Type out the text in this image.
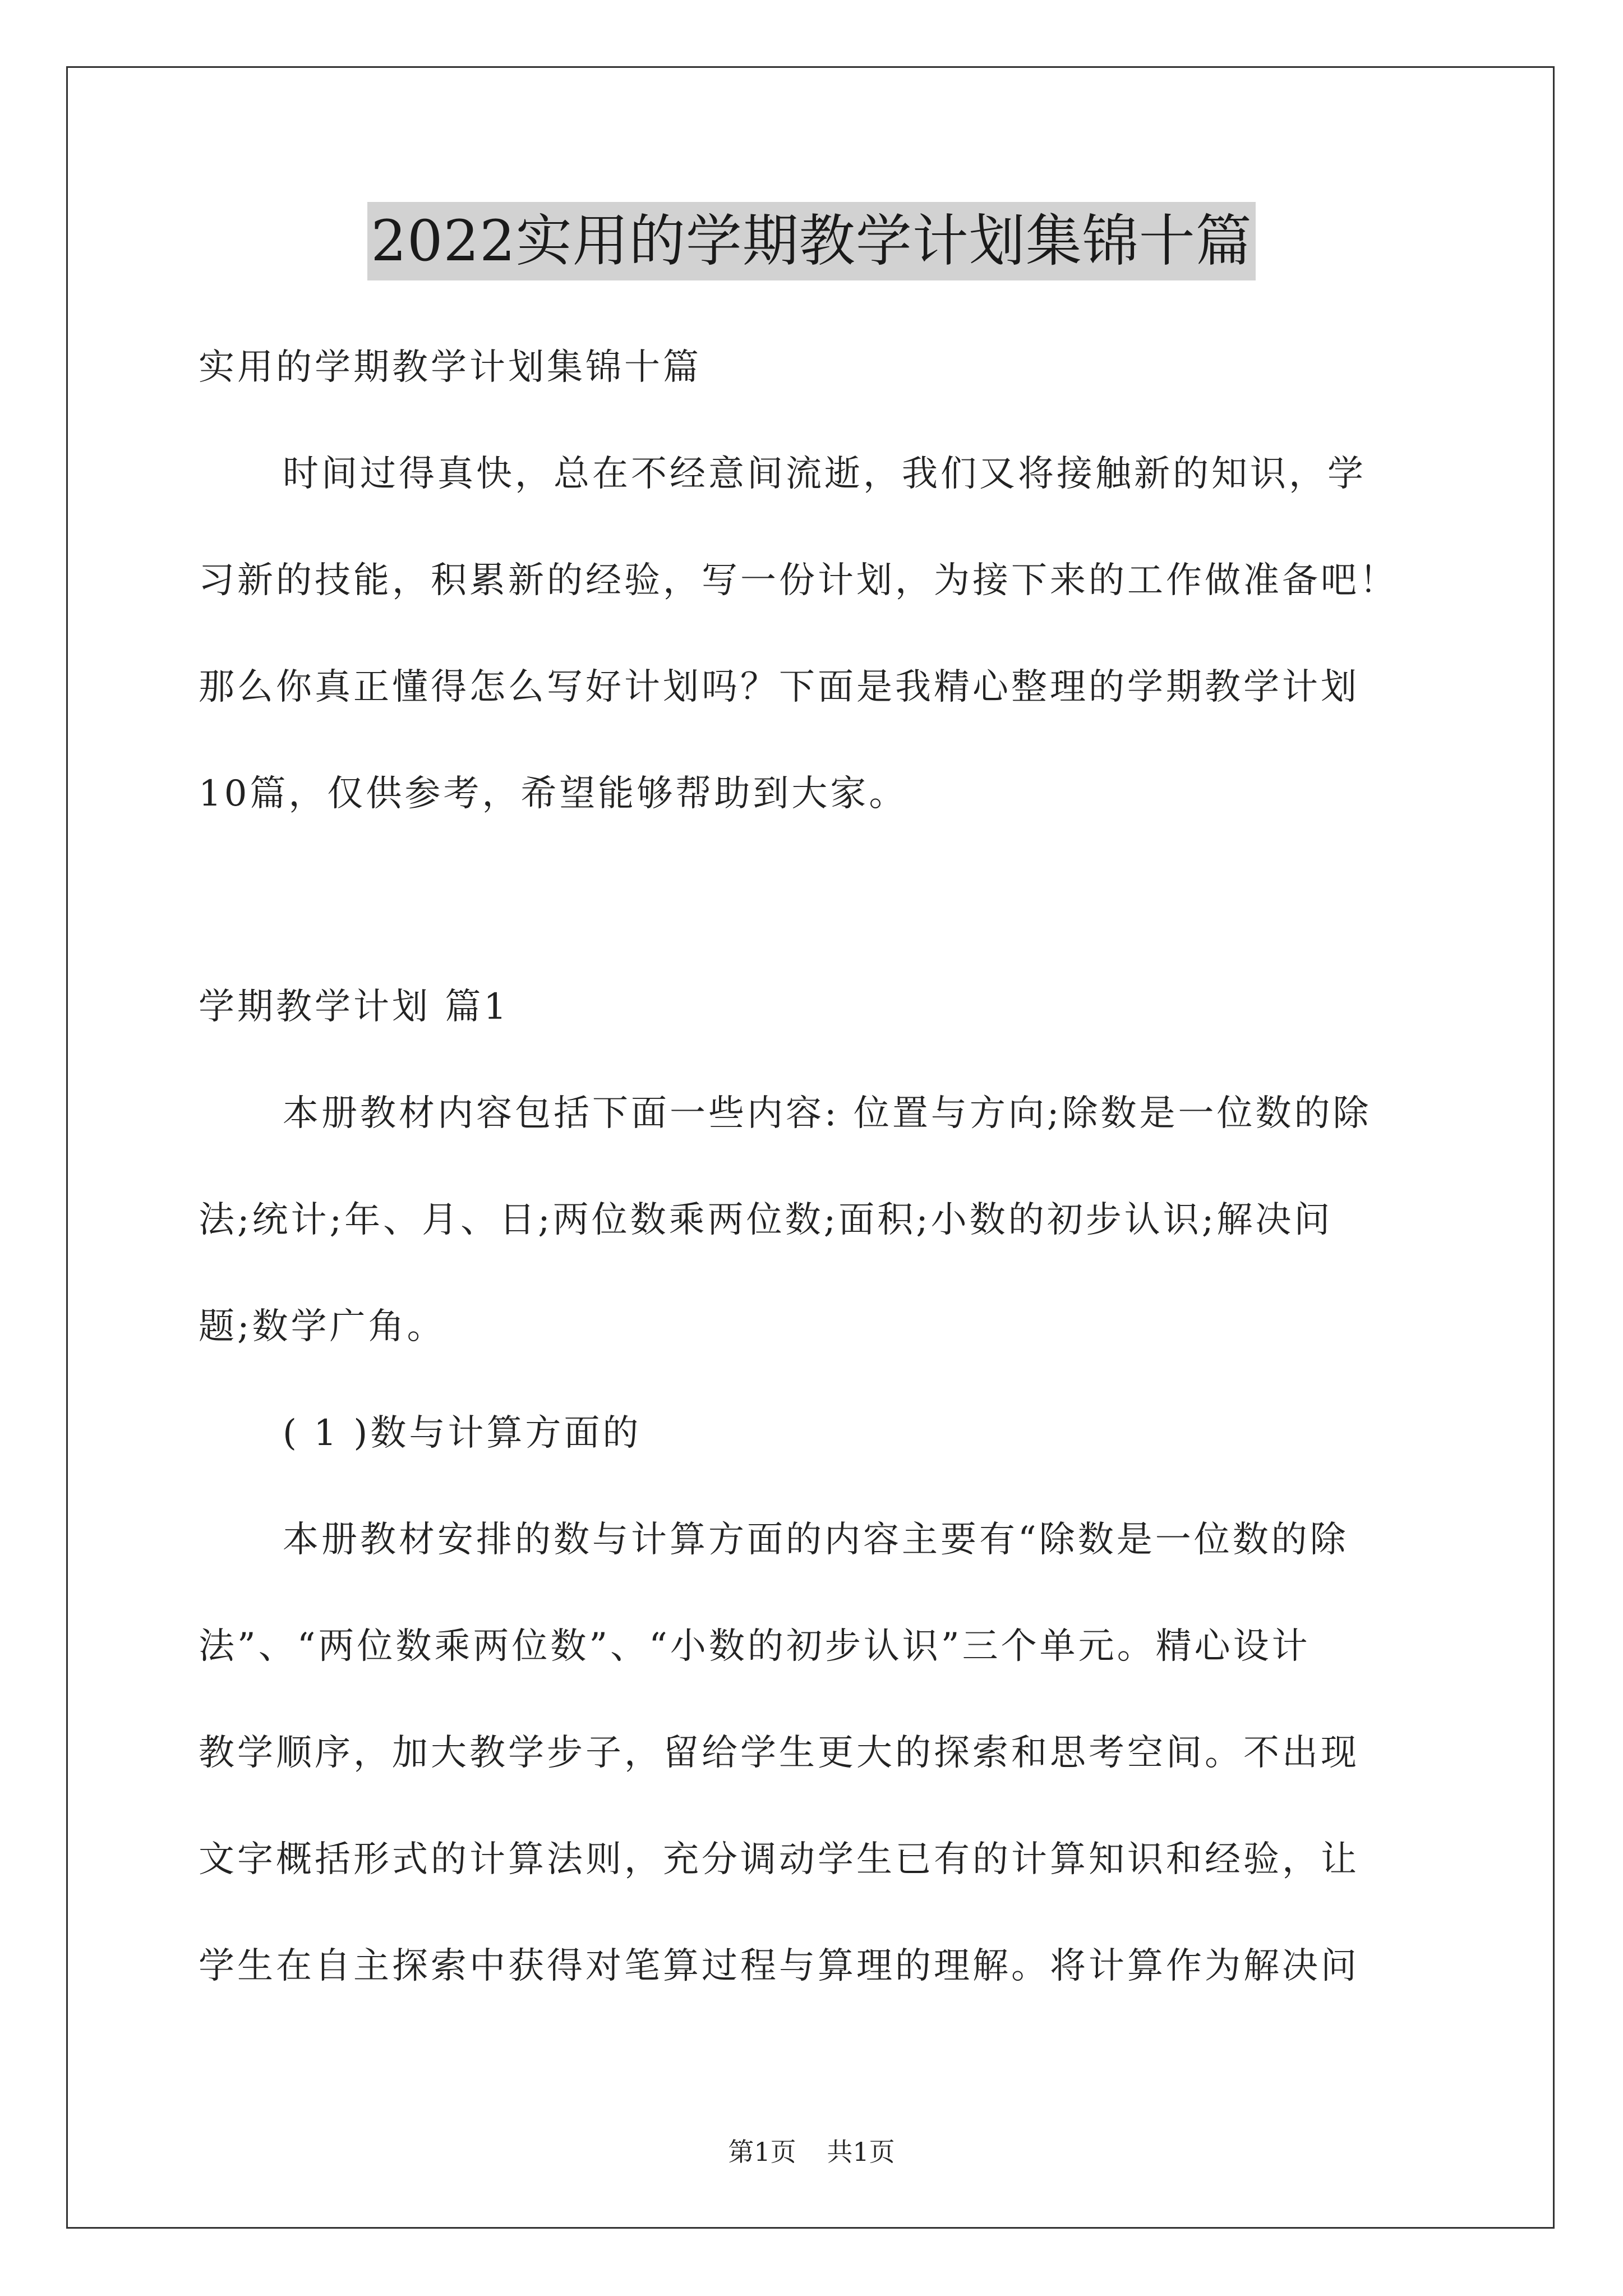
2022实用的学期教学计划集锦十篇
实用的学期教学计划集锦十篇
时间过得真快，总在不经意间流逝，我们又将接触新的知识，学
习新的技能，积累新的经验，写一份计划，为接下来的工作做准备吧！
那么你真正懂得怎么写好计划吗？下面是我精心整理的学期教学计划
10篇，仅供参考，希望能够帮助到大家。
学期教学计划 篇1
本册教材内容包括下面一些内容: 位置与方向;除数是一位数的除
法;统计;年、月、日;两位数乘两位数;面积;小数的初步认识;解决问
题;数学广角。
( 1 )数与计算方面的
本册教材安排的数与计算方面的内容主要有“除数是一位数的除
法”、“两位数乘两位数”、“小数的初步认识”三个单元。精心设计
教学顺序，加大教学步子，留给学生更大的探索和思考空间。不出现
文字概括形式的计算法则，充分调动学生已有的计算知识和经验，让
学生在自主探索中获得对笔算过程与算理的理解。将计算作为解决问
第1页 共1页
